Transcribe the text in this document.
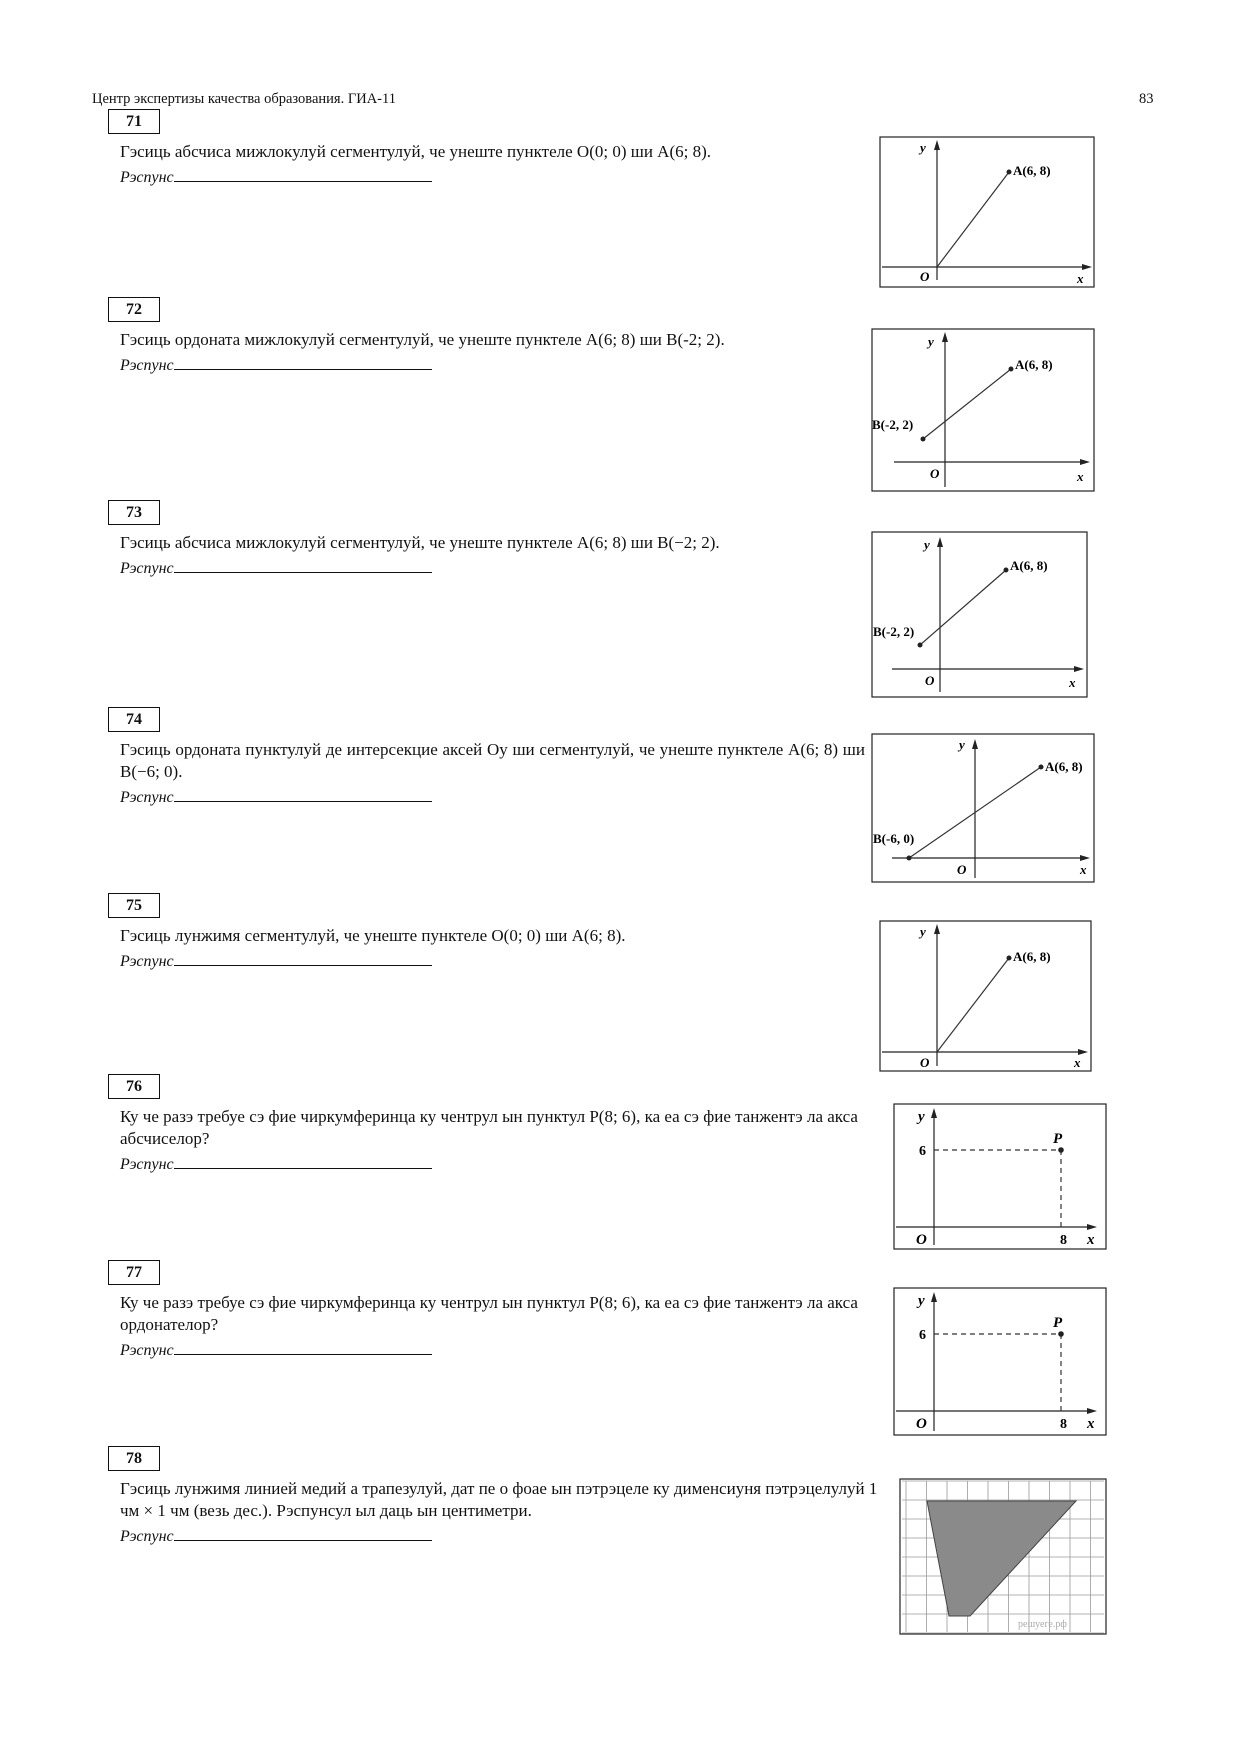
Центр экспертизы качества образования. ГИА-11	83
71
Гэсиць абсчиса мижлокулуй сегментулуй, че унеште пунктеле O(0; 0) ши A(6; 8).
Рэспунс
y
x
O
A(6, 8)
72
Гэсиць ордоната мижлокулуй сегментулуй, че унеште пунктеле A(6; 8) ши B(-2; 2).
Рэспунс
y
x
O
A(6, 8)
B(-2, 2)
73
Гэсиць абсчиса мижлокулуй сегментулуй, че унеште пунктеле A(6; 8) ши B(−2; 2).
Рэспунс
y
x
O
A(6, 8)
B(-2, 2)
74
Гэсиць ордоната пунктулуй де интерсекцие аксей Oy ши сегментулуй, че унеште пунктеле A(6; 8) ши B(−6; 0).
Рэспунс
y
x
O
A(6, 8)
B(-6, 0)
75
Гэсиць лунжимя сегментулуй, че унеште пунктеле O(0; 0) ши A(6; 8).
Рэспунс
y
x
O
A(6, 8)
76
Ку че разэ требуе сэ фие чиркумферинца ку чентрул ын пунктул P(8; 6), ка еа сэ фие танжентэ ла акса абсчиселор?
Рэспунс
y
x
O
6
8
P
77
Ку че разэ требуе сэ фие чиркумферинца ку чентрул ын пунктул P(8; 6), ка еа сэ фие танжентэ ла акса ордонателор?
Рэспунс
y
x
O
6
8
P
78
Гэсиць лунжимя линией медий а трапезулуй, дат пе о фоае ын пэтрэцеле ку дименсиуня пэтрэцелулуй 1 чм × 1 чм (везь дес.). Рэспунсул ыл даць ын центиметри.
Рэспунс
решуеге.рф
